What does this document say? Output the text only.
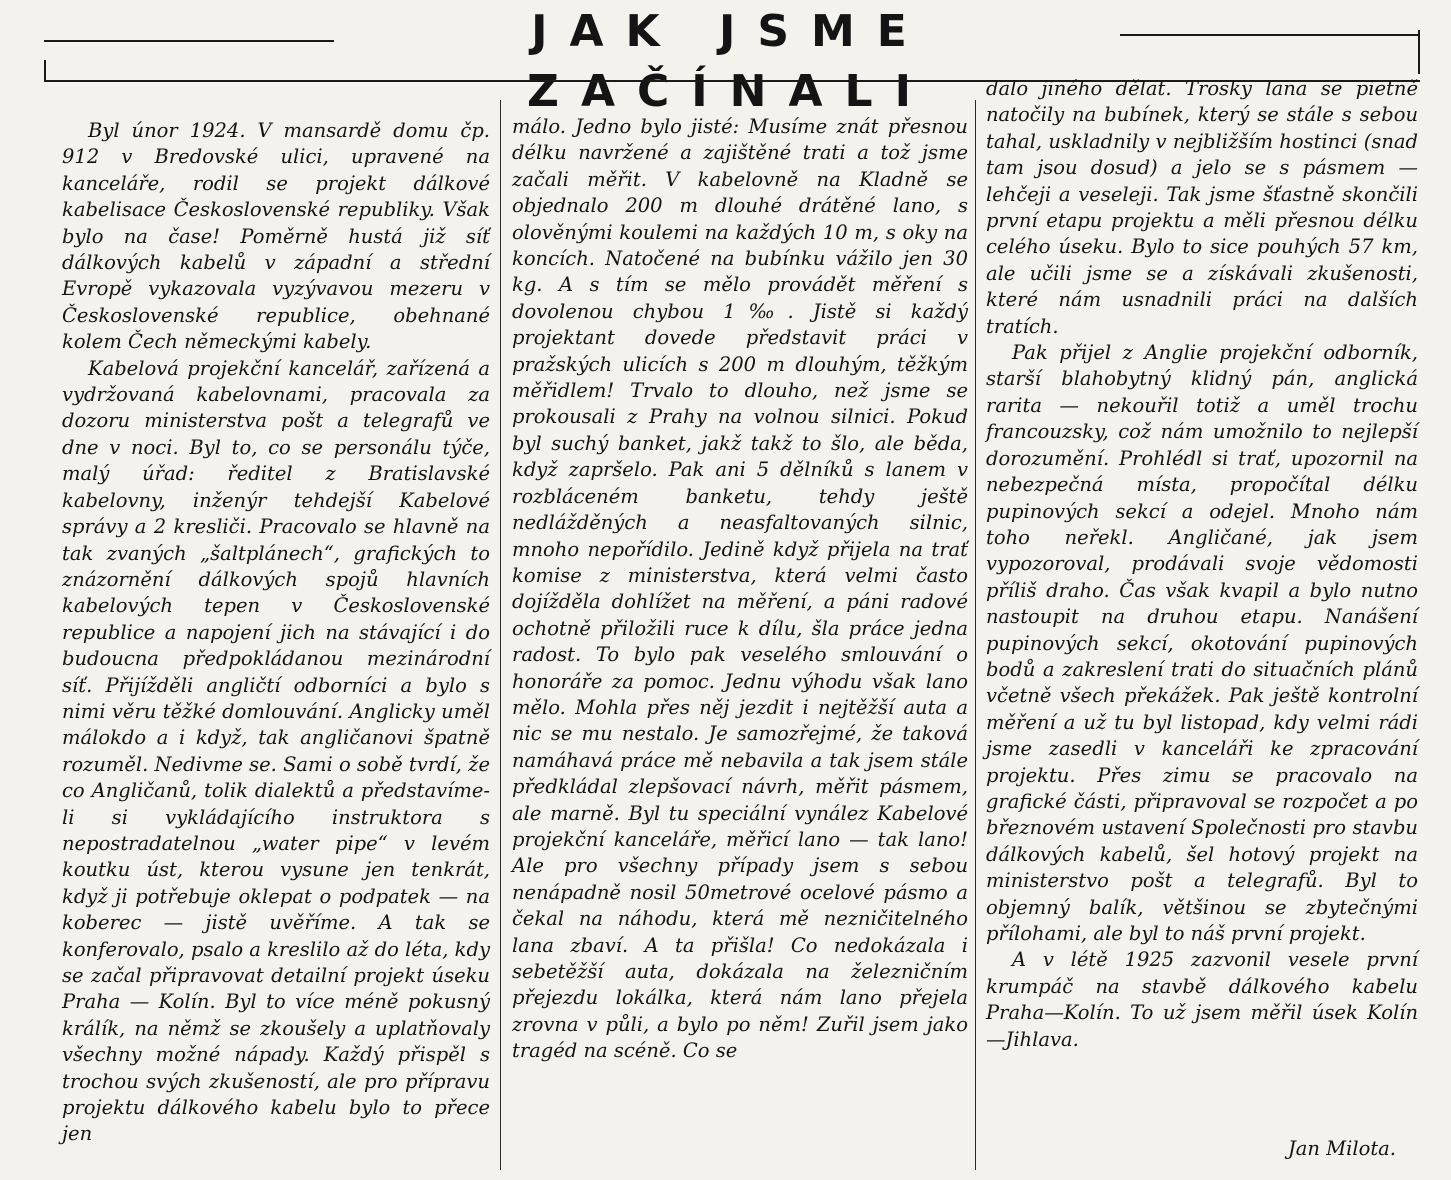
JAK JSME ZAČÍNALI

Byl únor 1924. V mansardě domu čp. 912 v Bredovské ulici, upravené na kanceláře, rodil se projekt dálkové kabelisace Československé republiky. Však bylo na čase! Poměrně hustá již síť dálkových kabelů v západní a střední Evropě vykazovala vyzývavou mezeru v Československé republice, obehnané kolem Čech německými kabely.

Kabelová projekční kancelář, zařízená a vydržovaná kabelovnami, pracovala za dozoru ministerstva pošt a telegrafů ve dne v noci. Byl to, co se personálu týče, malý úřad: ředitel z Bratislavské kabelovny, inženýr tehdejší Kabelové správy a 2 kresliči. Pracovalo se hlavně na tak zvaných „šaltplánech“, grafických to znázornění dálkových spojů hlavních kabelových tepen v Československé republice a napojení jich na stávající i do budoucna předpokládanou mezinárodní síť. Přijížděli angličtí odborníci a bylo s nimi věru těžké domlouvání. Anglicky uměl málokdo a i když, tak angličanovi špatně rozuměl. Nedivme se. Sami o sobě tvrdí, že co Angličanů, tolik dialektů a představíme-li si vykládajícího instruktora s nepostradatelnou „water pipe“ v levém koutku úst, kterou vysune jen tenkrát, když ji potřebuje oklepat o podpatek — na koberec — jistě uvěříme. A tak se konferovalo, psalo a kreslilo až do léta, kdy se začal připravovat detailní projekt úseku Praha — Kolín. Byl to více méně pokusný králík, na němž se zkoušely a uplatňovaly všechny možné nápady. Každý přispěl s trochou svých zkušeností, ale pro přípravu projektu dálkového kabelu bylo to přece jen

málo. Jedno bylo jisté: Musíme znát přesnou délku navržené a zajištěné trati a tož jsme začali měřit. V kabelovně na Kladně se objednalo 200 m dlouhé drátěné lano, s olověnými koulemi na každých 10 m, s oky na koncích. Natočené na bubínku vážilo jen 30 kg. A s tím se mělo provádět měření s dovolenou chybou 1‰. Jistě si každý projektant dovede představit práci v pražských ulicích s 200 m dlouhým, těžkým měřidlem! Trvalo to dlouho, než jsme se prokousali z Prahy na volnou silnici. Pokud byl suchý banket, jakž takž to šlo, ale běda, když zapršelo. Pak ani 5 dělníků s lanem v rozbláceném banketu, tehdy ještě nedlážděných a neasfaltovaných silnic, mnoho nepořídilo. Jedině když přijela na trať komise z ministerstva, která velmi často dojížděla dohlížet na měření, a páni radové ochotně přiložili ruce k dílu, šla práce jedna radost. To bylo pak veselého smlouvání o honoráře za pomoc. Jednu výhodu však lano mělo. Mohla přes něj jezdit i nejtěžší auta a nic se mu nestalo. Je samozřejmé, že taková namáhavá práce mě nebavila a tak jsem stále předkládal zlepšovací návrh, měřit pásmem, ale marně. Byl tu speciální vynález Kabelové projekční kanceláře, měřicí lano — tak lano! Ale pro všechny případy jsem s sebou nenápadně nosil 50metrové ocelové pásmo a čekal na náhodu, která mě nezničitelného lana zbaví. A ta přišla! Co nedokázala i sebetěžší auta, dokázala na železničním přejezdu lokálka, která nám lano přejela zrovna v půli, a bylo po něm! Zuřil jsem jako tragéd na scéně. Co se

dalo jiného dělat. Trosky lana se pietně natočily na bubínek, který se stále s sebou tahal, uskladnily v nejbližším hostinci (snad tam jsou dosud) a jelo se s pásmem — lehčeji a veseleji. Tak jsme šťastně skončili první etapu projektu a měli přesnou délku celého úseku. Bylo to sice pouhých 57 km, ale učili jsme se a získávali zkušenosti, které nám usnadnili práci na dalších tratích.

Pak přijel z Anglie projekční odborník, starší blahobytný klidný pán, anglická rarita — nekouřil totiž a uměl trochu francouzsky, což nám umožnilo to nejlepší dorozumění. Prohlédl si trať, upozornil na nebezpečná místa, propočítal délku pupinových sekcí a odejel. Mnoho nám toho neřekl. Angličané, jak jsem vypozoroval, prodávali svoje vědomosti příliš draho. Čas však kvapil a bylo nutno nastoupit na druhou etapu. Nanášení pupinových sekcí, okotování pupinových bodů a zakreslení trati do situačních plánů včetně všech překážek. Pak ještě kontrolní měření a už tu byl listopad, kdy velmi rádi jsme zasedli v kanceláři ke zpracování projektu. Přes zimu se pracovalo na grafické části, připravoval se rozpočet a po březnovém ustavení Společnosti pro stavbu dálkových kabelů, šel hotový projekt na ministerstvo pošt a telegrafů. Byl to objemný balík, většinou se zbytečnými přílohami, ale byl to náš první projekt.

A v létě 1925 zazvonil vesele první krumpáč na stavbě dálkového kabelu Praha—Kolín. To už jsem měřil úsek Kolín—Jihlava.

Jan Milota.
